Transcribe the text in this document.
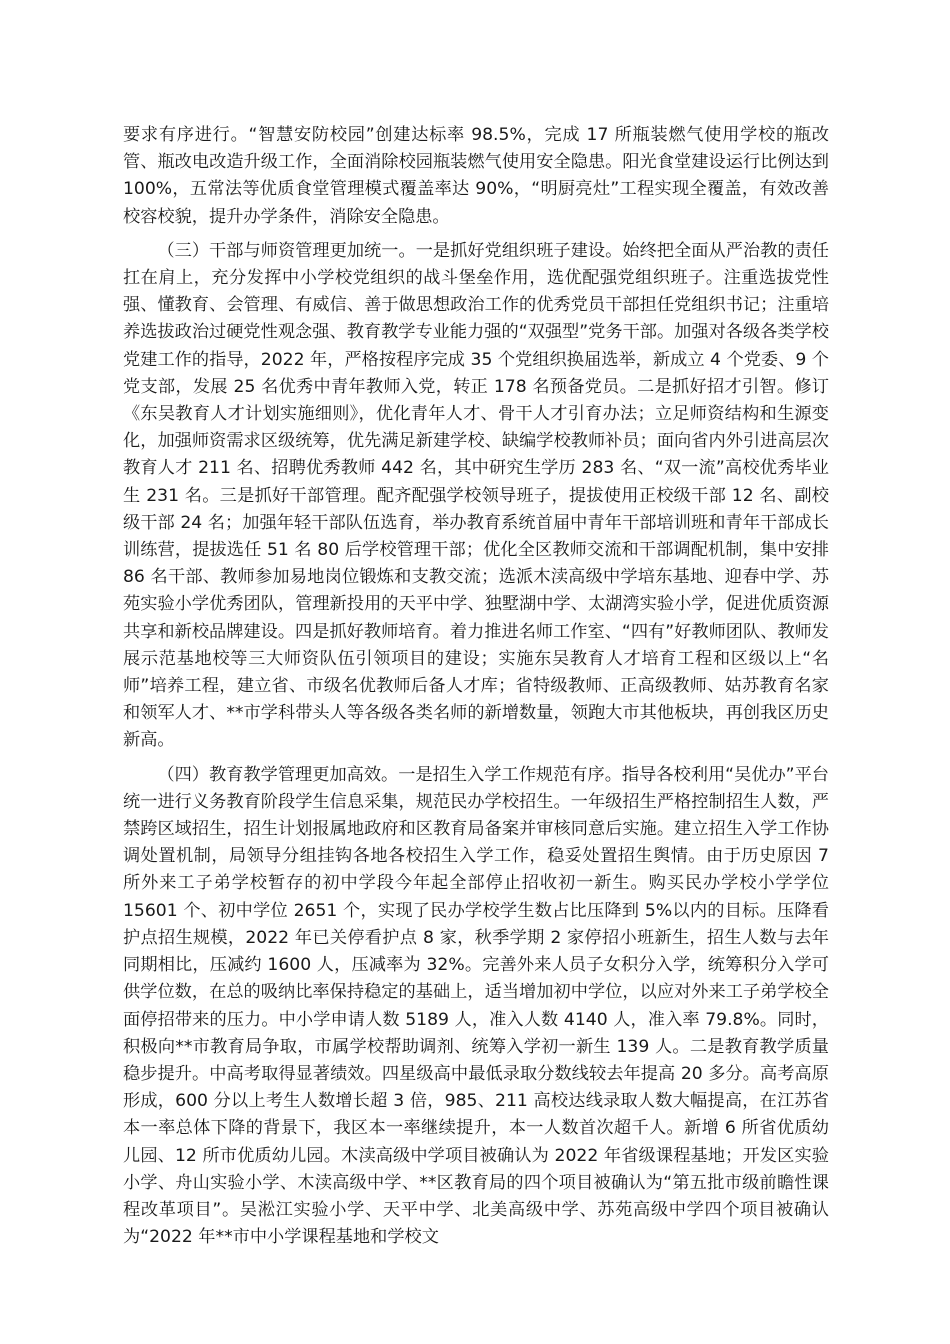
要求有序进行。“智慧安防校园”创建达标率 98.5%，完成 17 所瓶装燃气使用学校的瓶改管、瓶改电改造升级工作，全面消除校园瓶装燃气使用安全隐患。阳光食堂建设运行比例达到 100%，五常法等优质食堂管理模式覆盖率达 90%，“明厨亮灶”工程实现全覆盖，有效改善校容校貌，提升办学条件，消除安全隐患。

（三）干部与师资管理更加统一。一是抓好党组织班子建设。始终把全面从严治教的责任扛在肩上，充分发挥中小学校党组织的战斗堡垒作用，选优配强党组织班子。注重选拔党性强、懂教育、会管理、有威信、善于做思想政治工作的优秀党员干部担任党组织书记；注重培养选拔政治过硬党性观念强、教育教学专业能力强的“双强型”党务干部。加强对各级各类学校党建工作的指导，2022 年，严格按程序完成 35 个党组织换届选举，新成立 4 个党委、9 个党支部，发展 25 名优秀中青年教师入党，转正 178 名预备党员。二是抓好招才引智。修订《东吴教育人才计划实施细则》，优化青年人才、骨干人才引育办法；立足师资结构和生源变化，加强师资需求区级统筹，优先满足新建学校、缺编学校教师补员；面向省内外引进高层次教育人才 211 名、招聘优秀教师 442 名，其中研究生学历 283 名、“双一流”高校优秀毕业生 231 名。三是抓好干部管理。配齐配强学校领导班子，提拔使用正校级干部 12 名、副校级干部 24 名；加强年轻干部队伍选育，举办教育系统首届中青年干部培训班和青年干部成长训练营，提拔选任 51 名 80 后学校管理干部；优化全区教师交流和干部调配机制，集中安排 86 名干部、教师参加易地岗位锻炼和支教交流；选派木渎高级中学培东基地、迎春中学、苏苑实验小学优秀团队，管理新投用的天平中学、独墅湖中学、太湖湾实验小学，促进优质资源共享和新校品牌建设。四是抓好教师培育。着力推进名师工作室、“四有”好教师团队、教师发展示范基地校等三大师资队伍引领项目的建设；实施东吴教育人才培育工程和区级以上“名师”培养工程，建立省、市级名优教师后备人才库；省特级教师、正高级教师、姑苏教育名家和领军人才、**市学科带头人等各级各类名师的新增数量，领跑大市其他板块，再创我区历史新高。

（四）教育教学管理更加高效。一是招生入学工作规范有序。指导各校利用“吴优办”平台统一进行义务教育阶段学生信息采集，规范民办学校招生。一年级招生严格控制招生人数，严禁跨区域招生，招生计划报属地政府和区教育局备案并审核同意后实施。建立招生入学工作协调处置机制，局领导分组挂钩各地各校招生入学工作，稳妥处置招生舆情。由于历史原因 7 所外来工子弟学校暂存的初中学段今年起全部停止招收初一新生。购买民办学校小学学位 15601 个、初中学位 2651 个，实现了民办学校学生数占比压降到 5%以内的目标。压降看护点招生规模，2022 年已关停看护点 8 家，秋季学期 2 家停招小班新生，招生人数与去年同期相比，压减约 1600 人，压减率为 32%。完善外来人员子女积分入学，统筹积分入学可供学位数，在总的吸纳比率保持稳定的基础上，适当增加初中学位，以应对外来工子弟学校全面停招带来的压力。中小学申请人数 5189 人，准入人数 4140 人，准入率 79.8%。同时，积极向**市教育局争取，市属学校帮助调剂、统筹入学初一新生 139 人。二是教育教学质量稳步提升。中高考取得显著绩效。四星级高中最低录取分数线较去年提高 20 多分。高考高原形成，600 分以上考生人数增长超 3 倍，985、211 高校达线录取人数大幅提高，在江苏省本一率总体下降的背景下，我区本一率继续提升，本一人数首次超千人。新增 6 所省优质幼儿园、12 所市优质幼儿园。木渎高级中学项目被确认为 2022 年省级课程基地；开发区实验小学、舟山实验小学、木渎高级中学、**区教育局的四个项目被确认为“第五批市级前瞻性课程改革项目”。吴淞江实验小学、天平中学、北美高级中学、苏苑高级中学四个项目被确认为“2022 年**市中小学课程基地和学校文
